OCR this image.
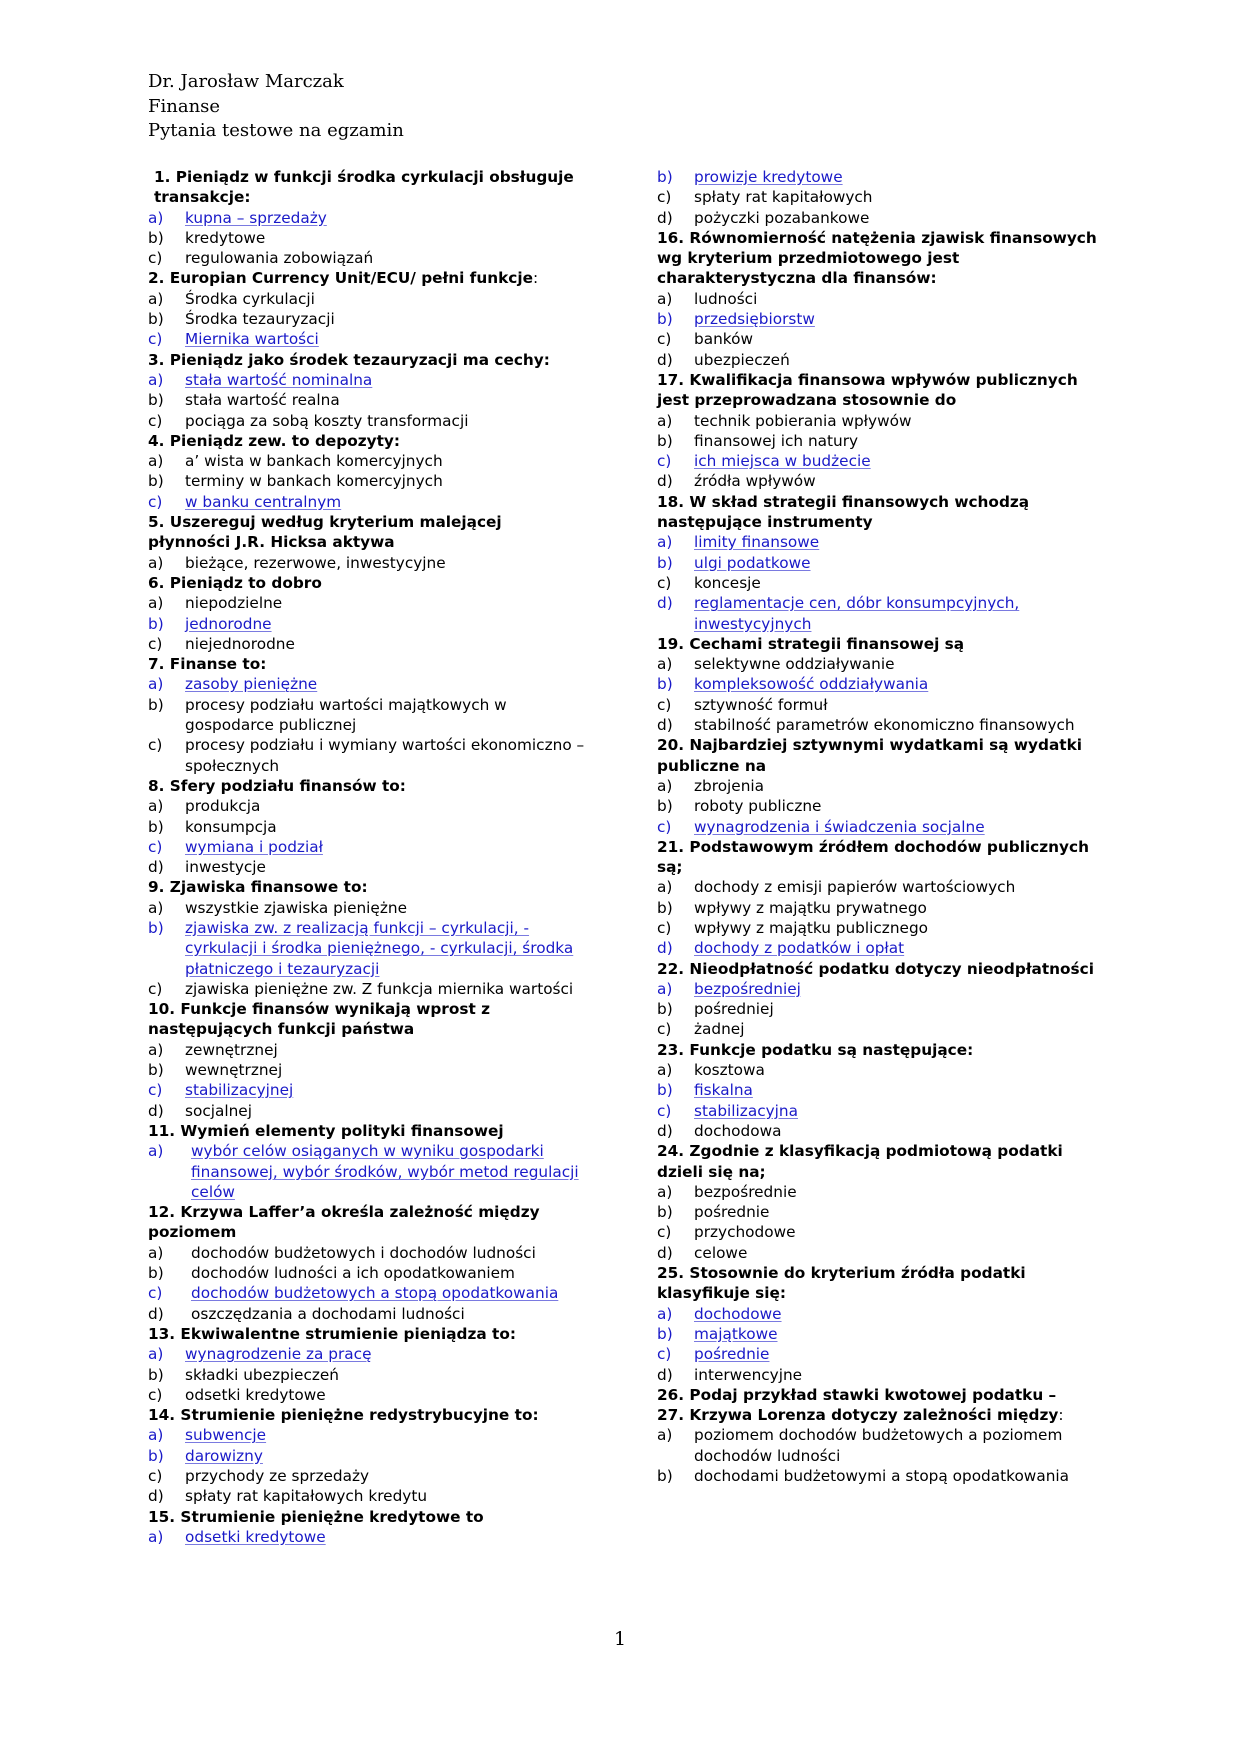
Dr. Jarosław Marczak
Finanse
Pytania testowe na egzamin
1. Pieniądz w funkcji środka cyrkulacji obsługuje transakcje:
a)	kupna – sprzedaży
b)	kredytowe
c)	regulowania zobowiązań
2. Europian Currency Unit/ECU/ pełni funkcje:
a)	Środka cyrkulacji
b)	Środka tezauryzacji
c)	Miernika wartości
3. Pieniądz jako środek tezauryzacji ma cechy:
a)	stała wartość nominalna
b)	stała wartość realna
c)	pociąga za sobą koszty transformacji
4. Pieniądz zew. to depozyty:
a)	a’ wista w bankach komercyjnych
b)	terminy w bankach komercyjnych
c)	w banku centralnym
5. Uszereguj według kryterium malejącej płynności J.R. Hicksa aktywa
a)	bieżące, rezerwowe, inwestycyjne
6. Pieniądz to dobro
a)	niepodzielne
b)	jednorodne
c)	niejednorodne
7. Finanse to:
a)	zasoby pieniężne
b)	procesy podziału wartości majątkowych w gospodarce publicznej
c)	procesy podziału i wymiany wartości ekonomiczno – społecznych
8. Sfery podziału finansów to:
a)	produkcja
b)	konsumpcja
c)	wymiana i podział
d)	inwestycje
9. Zjawiska finansowe to:
a)	wszystkie zjawiska pieniężne
b)	zjawiska zw. z realizacją funkcji – cyrkulacji, - cyrkulacji i środka pieniężnego, - cyrkulacji, środka płatniczego i tezauryzacji
c)	zjawiska pieniężne zw. Z funkcja miernika wartości
10. Funkcje finansów wynikają wprost z następujących funkcji państwa
a)	zewnętrznej
b)	wewnętrznej
c)	stabilizacyjnej
d)	socjalnej
11. Wymień elementy polityki finansowej
a)	wybór celów osiąganych w wyniku gospodarki finansowej, wybór środków, wybór metod regulacji celów
12. Krzywa Laffer’a określa zależność między poziomem
a)	dochodów budżetowych i dochodów ludności
b)	dochodów ludności a ich opodatkowaniem
c)	dochodów budżetowych a stopą opodatkowania
d)	oszczędzania a dochodami ludności
13. Ekwiwalentne strumienie pieniądza to:
a)	wynagrodzenie za pracę
b)	składki ubezpieczeń
c)	odsetki kredytowe
14. Strumienie pieniężne redystrybucyjne to:
a)	subwencje
b)	darowizny
c)	przychody ze sprzedaży
d)	spłaty rat kapitałowych kredytu
15. Strumienie pieniężne kredytowe to
a)	odsetki kredytowe
b)	prowizje kredytowe
c)	spłaty rat kapitałowych
d)	pożyczki pozabankowe
16. Równomierność natężenia zjawisk finansowych wg kryterium przedmiotowego jest charakterystyczna dla finansów:
a)	ludności
b)	przedsiębiorstw
c)	banków
d)	ubezpieczeń
17. Kwalifikacja finansowa wpływów publicznych jest przeprowadzana stosownie do
a)	technik pobierania wpływów
b)	finansowej ich natury
c)	ich miejsca w budżecie
d)	źródła wpływów
18. W skład strategii finansowych wchodzą następujące instrumenty
a)	limity finansowe
b)	ulgi podatkowe
c)	koncesje
d)	reglamentacje cen, dóbr konsumpcyjnych, inwestycyjnych
19. Cechami strategii finansowej są
a)	selektywne oddziaływanie
b)	kompleksowość oddziaływania
c)	sztywność formuł
d)	stabilność parametrów ekonomiczno finansowych
20. Najbardziej sztywnymi wydatkami są wydatki publiczne na
a)	zbrojenia
b)	roboty publiczne
c)	wynagrodzenia i świadczenia socjalne
21. Podstawowym źródłem dochodów publicznych są;
a)	dochody z emisji papierów wartościowych
b)	wpływy z majątku prywatnego
c)	wpływy z majątku publicznego
d)	dochody z podatków i opłat
22. Nieodpłatność podatku dotyczy nieodpłatności
a)	bezpośredniej
b)	pośredniej
c)	żadnej
23. Funkcje podatku są następujące:
a)	kosztowa
b)	fiskalna
c)	stabilizacyjna
d)	dochodowa
24. Zgodnie z klasyfikacją podmiotową podatki dzieli się na;
a)	bezpośrednie
b)	pośrednie
c)	przychodowe
d)	celowe
25. Stosownie do kryterium źródła podatki klasyfikuje się:
a)	dochodowe
b)	majątkowe
c)	pośrednie
d)	interwencyjne
26. Podaj przykład stawki kwotowej podatku –
27. Krzywa Lorenza dotyczy zależności między:
a)	poziomem dochodów budżetowych a poziomem dochodów ludności
b)	dochodami budżetowymi a stopą opodatkowania
1
